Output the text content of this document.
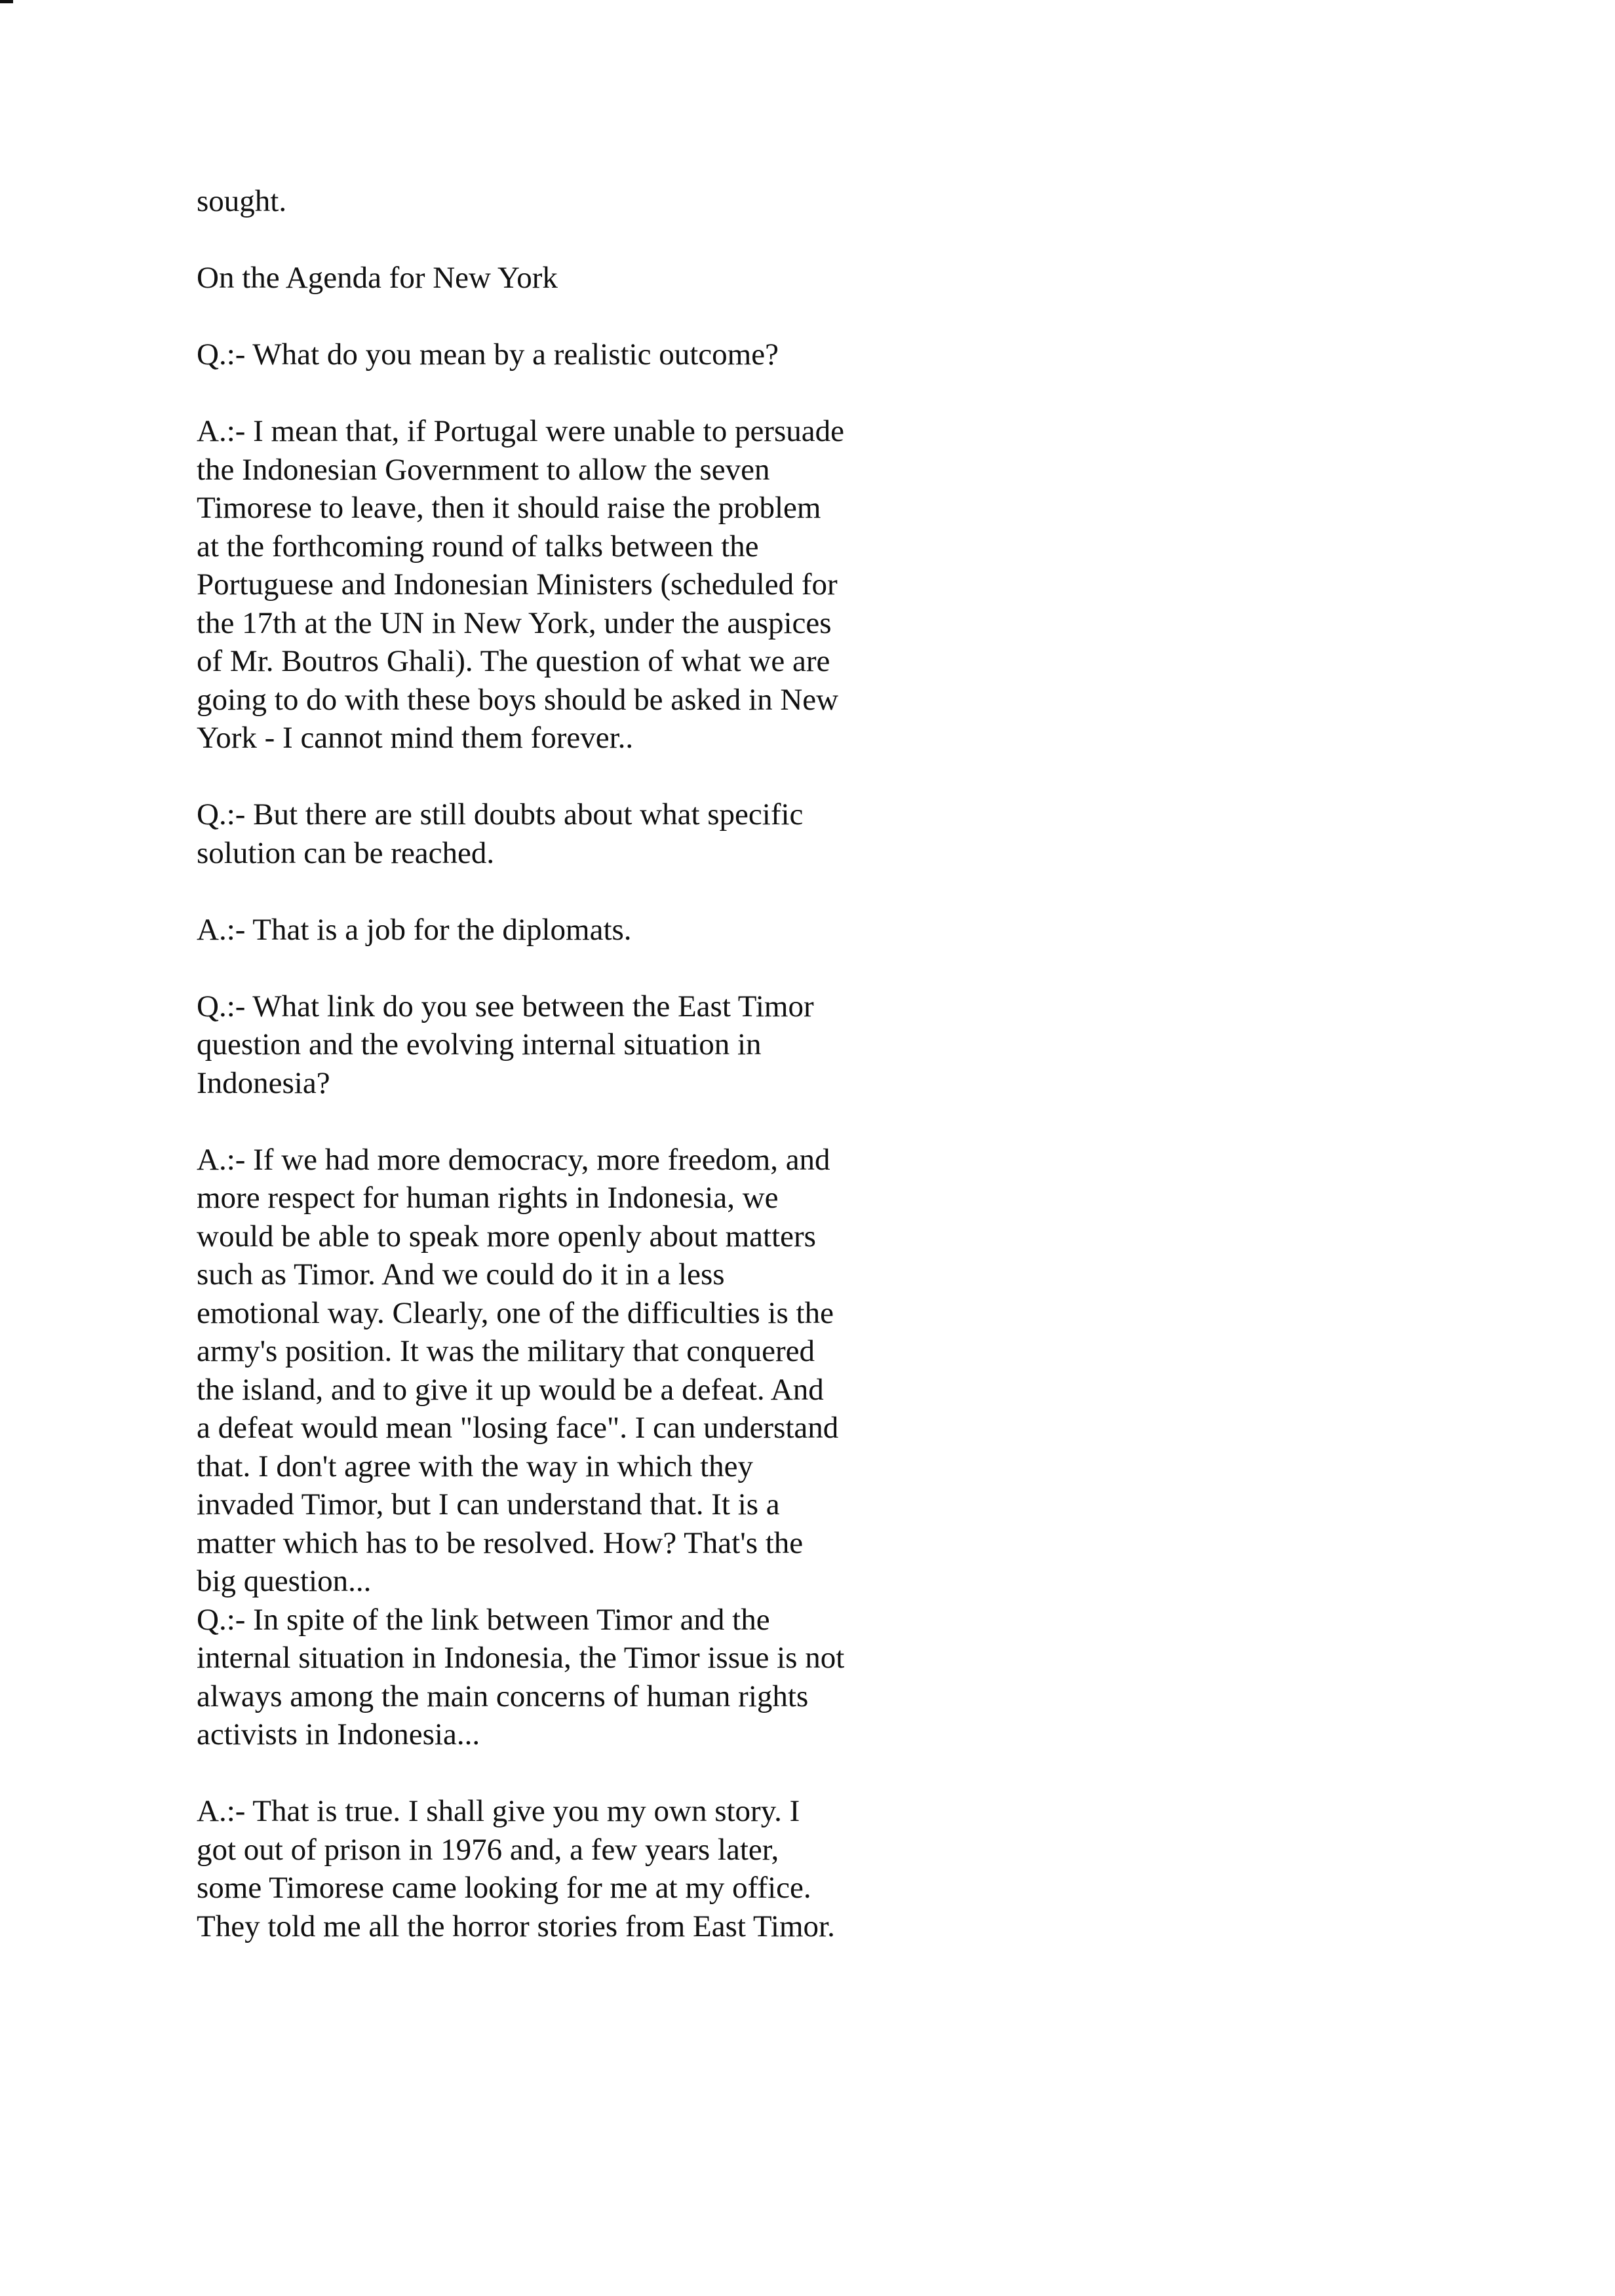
sought.
On the Agenda for New York
Q.:- What do you mean by a realistic outcome?
A.:- I mean that, if Portugal were unable to persuade
the Indonesian Government to allow the seven
Timorese to leave, then it should raise the problem
at the forthcoming round of talks between the
Portuguese and Indonesian Ministers (scheduled for
the 17th at the UN in New York, under the auspices
of Mr. Boutros Ghali). The question of what we are
going to do with these boys should be asked in New
York - I cannot mind them forever..
Q.:- But there are still doubts about what specific
solution can be reached.
A.:- That is a job for the diplomats.
Q.:- What link do you see between the East Timor
question and the evolving internal situation in
Indonesia?
A.:- If we had more democracy, more freedom, and
more respect for human rights in Indonesia, we
would be able to speak more openly about matters
such as Timor. And we could do it in a less
emotional way. Clearly, one of the difficulties is the
army's position. It was the military that conquered
the island, and to give it up would be a defeat. And
a defeat would mean "losing face". I can understand
that. I don't agree with the way in which they
invaded Timor, but I can understand that. It is a
matter which has to be resolved. How? That's the
big question...
Q.:- In spite of the link between Timor and the
internal situation in Indonesia, the Timor issue is not
always among the main concerns of human rights
activists in Indonesia...
A.:- That is true. I shall give you my own story. I
got out of prison in 1976 and, a few years later,
some Timorese came looking for me at my office.
They told me all the horror stories from East Timor.
